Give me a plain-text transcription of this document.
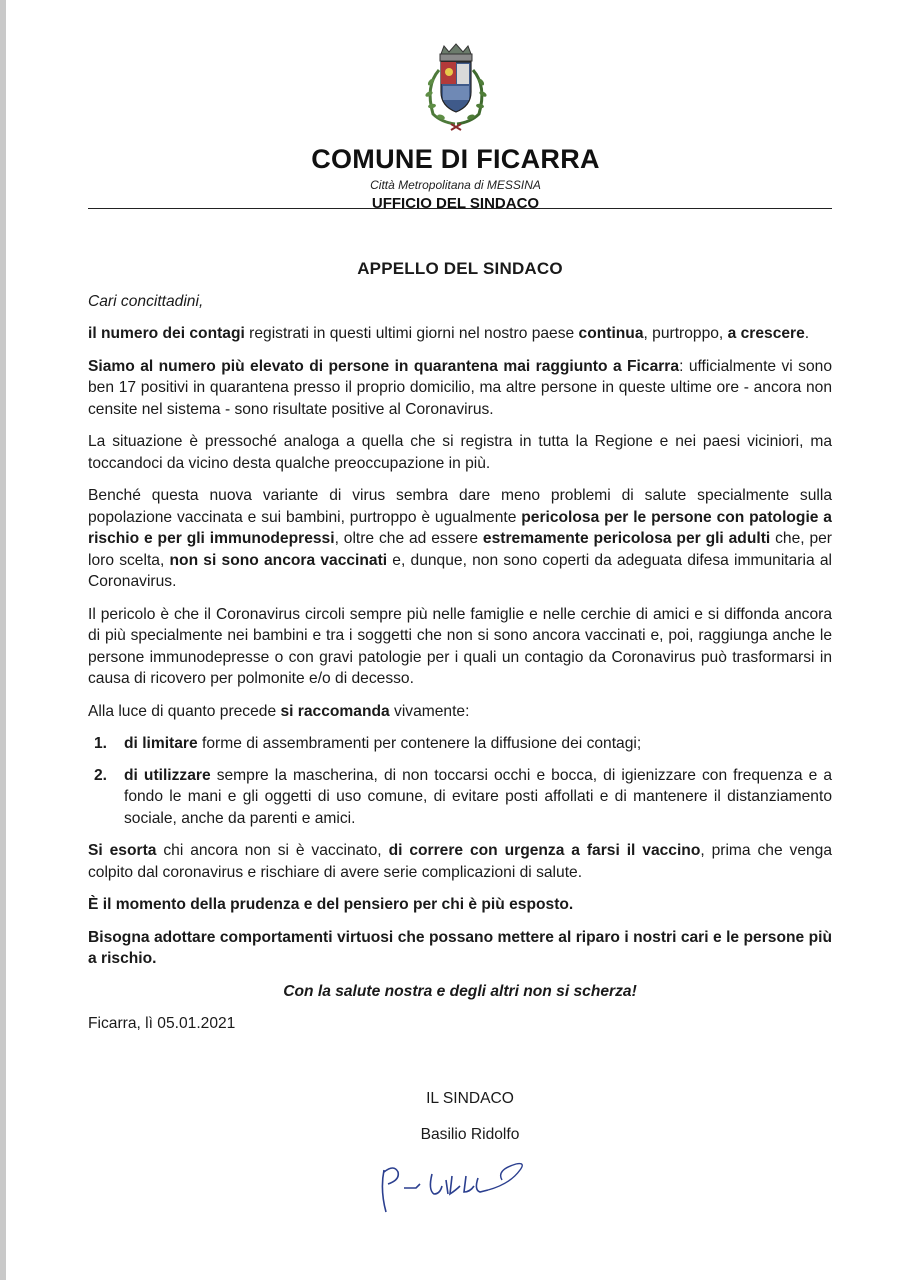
COMUNE DI FICARRA
Città Metropolitana di MESSINA
UFFICIO DEL SINDACO
APPELLO DEL SINDACO

Cari concittadini,

il numero dei contagi registrati in questi ultimi giorni nel nostro paese continua, purtroppo, a crescere.

Siamo al numero più elevato di persone in quarantena mai raggiunto a Ficarra: ufficialmente vi sono ben 17 positivi in quarantena presso il proprio domicilio, ma altre persone in queste ultime ore - ancora non censite nel sistema - sono risultate positive al Coronavirus.

La situazione è pressoché analoga a quella che si registra in tutta la Regione e nei paesi viciniori, ma toccandoci da vicino desta qualche preoccupazione in più.

Benché questa nuova variante di virus sembra dare meno problemi di salute specialmente sulla popolazione vaccinata e sui bambini, purtroppo è ugualmente pericolosa per le persone con patologie a rischio e per gli immunodepressi, oltre che ad essere estremamente pericolosa per gli adulti che, per loro scelta, non si sono ancora vaccinati e, dunque, non sono coperti da adeguata difesa immunitaria al Coronavirus.

Il pericolo è che il Coronavirus circoli sempre più nelle famiglie e nelle cerchie di amici e si diffonda ancora di più specialmente nei bambini e tra i soggetti che non si sono ancora vaccinati e, poi, raggiunga anche le persone immunodepresse o con gravi patologie per i quali un contagio da Coronavirus può trasformarsi in causa di ricovero per polmonite e/o di decesso.

Alla luce di quanto precede si raccomanda vivamente:

1.	di limitare forme di assembramenti per contenere la diffusione dei contagi;
2.	di utilizzare sempre la mascherina, di non toccarsi occhi e bocca, di igienizzare con frequenza e a fondo le mani e gli oggetti di uso comune, di evitare posti affollati e di mantenere il distanziamento sociale, anche da parenti e amici.

Si esorta chi ancora non si è vaccinato, di correre con urgenza a farsi il vaccino, prima che venga colpito dal coronavirus e rischiare di avere serie complicazioni di salute.

È il momento della prudenza e del pensiero per chi è più esposto.

Bisogna adottare comportamenti virtuosi che possano mettere al riparo i nostri cari e le persone più a rischio.

Con la salute nostra e degli altri non si scherza!

Ficarra, lì 05.01.2021

IL SINDACO
Basilio Ridolfo
